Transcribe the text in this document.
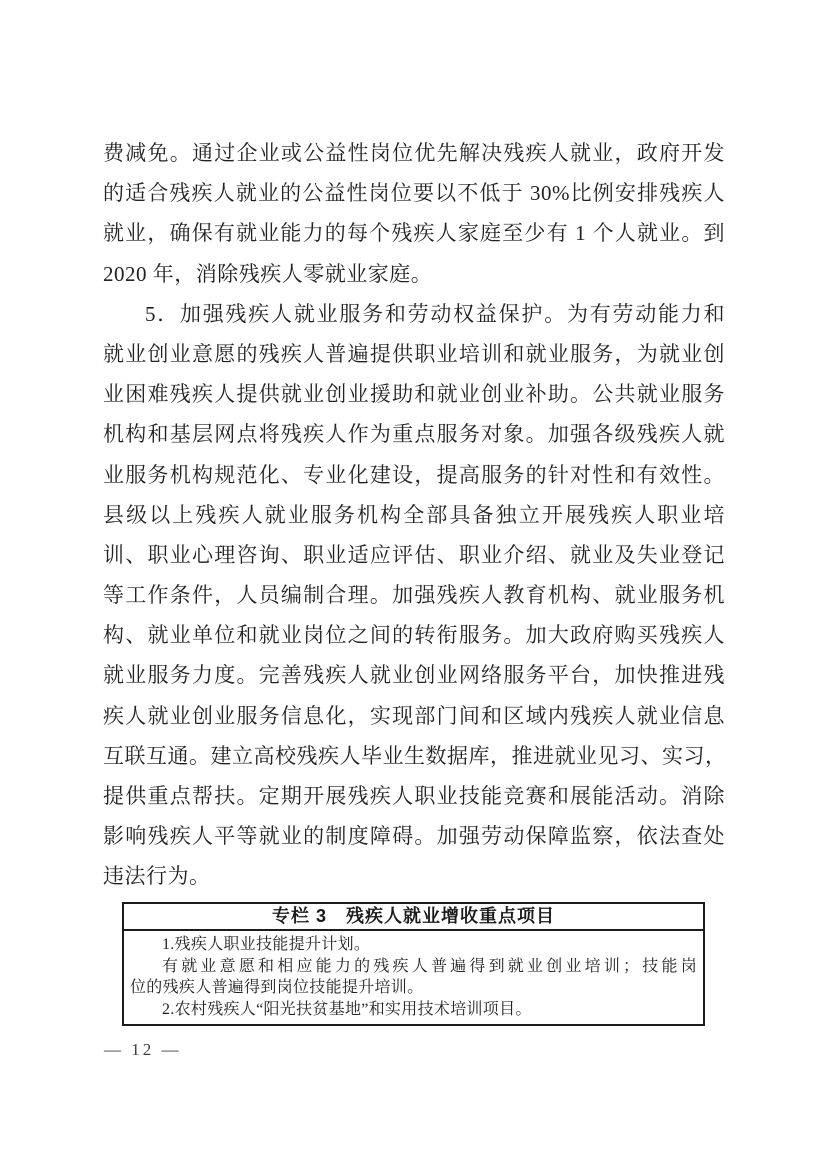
费减免。通过企业或公益性岗位优先解决残疾人就业，政府开发
的适合残疾人就业的公益性岗位要以不低于 30%比例安排残疾人
就业，确保有就业能力的每个残疾人家庭至少有 1 个人就业。到
2020 年，消除残疾人零就业家庭。
5．加强残疾人就业服务和劳动权益保护。为有劳动能力和
就业创业意愿的残疾人普遍提供职业培训和就业服务，为就业创
业困难残疾人提供就业创业援助和就业创业补助。公共就业服务
机构和基层网点将残疾人作为重点服务对象。加强各级残疾人就
业服务机构规范化、专业化建设，提高服务的针对性和有效性。
县级以上残疾人就业服务机构全部具备独立开展残疾人职业培
训、职业心理咨询、职业适应评估、职业介绍、就业及失业登记
等工作条件，人员编制合理。加强残疾人教育机构、就业服务机
构、就业单位和就业岗位之间的转衔服务。加大政府购买残疾人
就业服务力度。完善残疾人就业创业网络服务平台，加快推进残
疾人就业创业服务信息化，实现部门间和区域内残疾人就业信息
互联互通。建立高校残疾人毕业生数据库，推进就业见习、实习，
提供重点帮扶。定期开展残疾人职业技能竞赛和展能活动。消除
影响残疾人平等就业的制度障碍。加强劳动保障监察，依法查处
违法行为。
专栏 3　残疾人就业增收重点项目
1.残疾人职业技能提升计划。
有就业意愿和相应能力的残疾人普遍得到就业创业培训；技能岗
位的残疾人普遍得到岗位技能提升培训。
2.农村残疾人“阳光扶贫基地”和实用技术培训项目。
— 12 —
